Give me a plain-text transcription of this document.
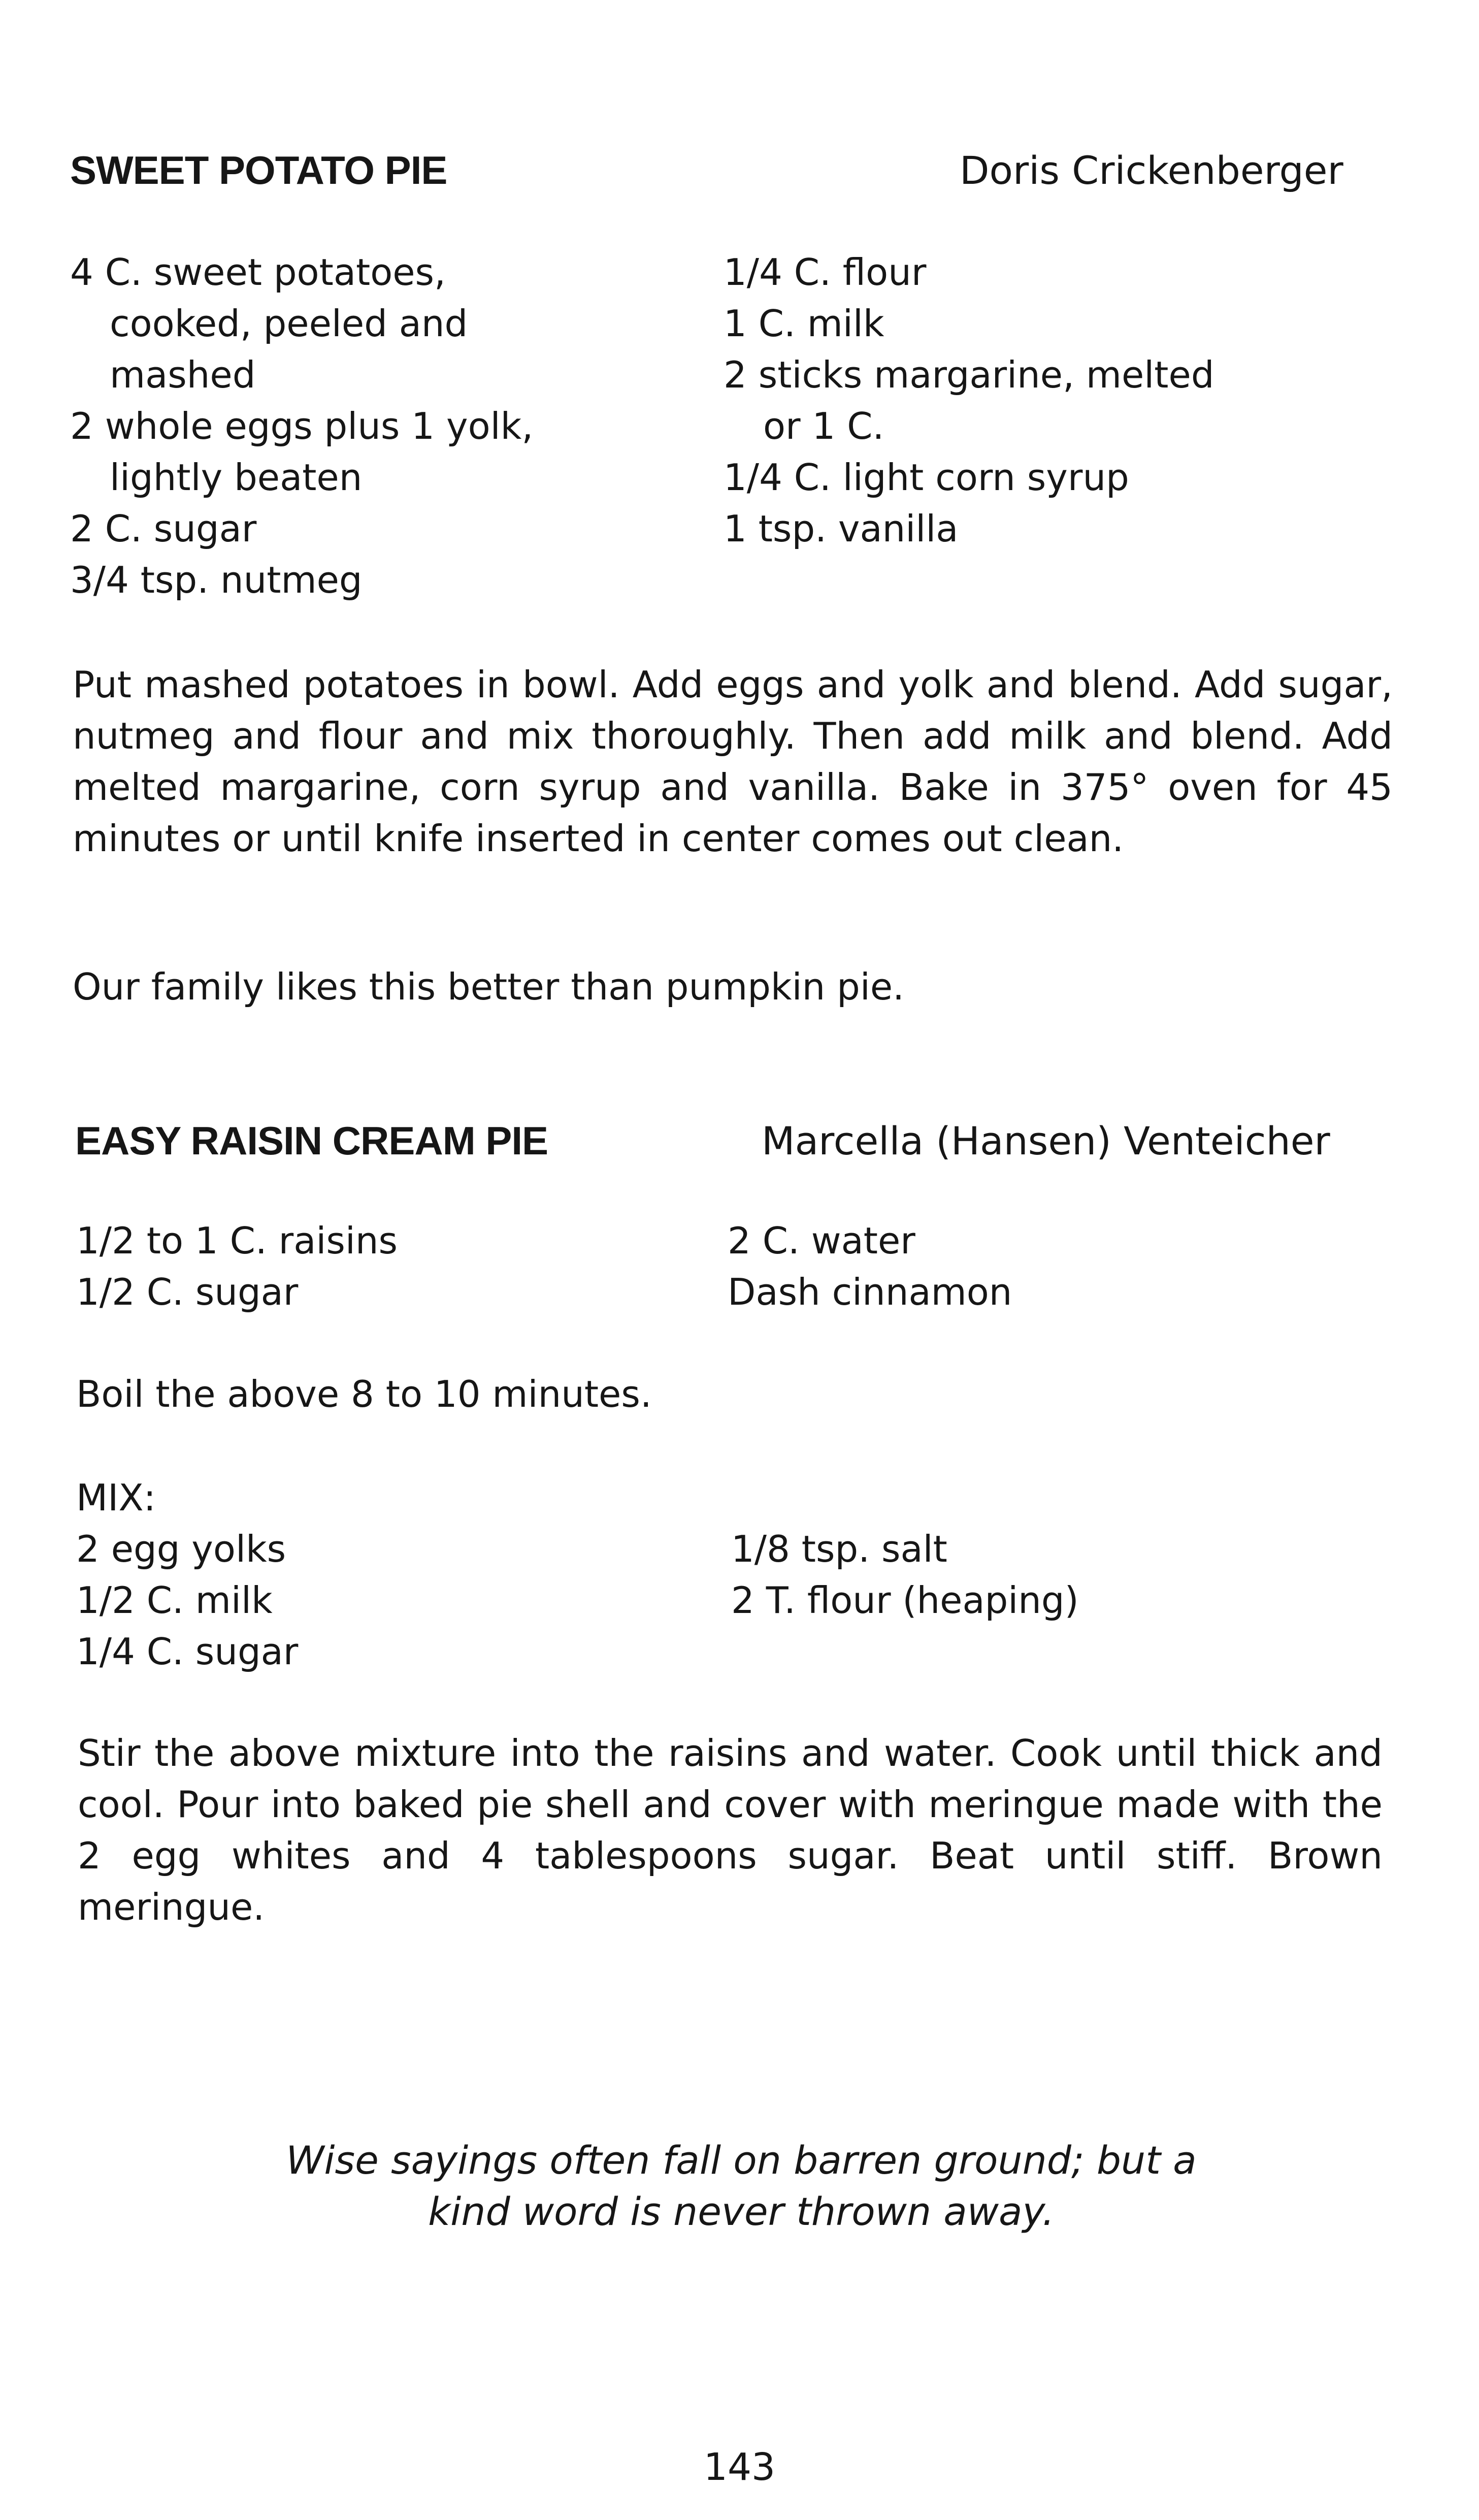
SWEET POTATO PIE	Doris Crickenberger
4 C. sweet potatoes,
cooked, peeled and
mashed
2 whole eggs plus 1 yolk,
lightly beaten
2 C. sugar
3/4 tsp. nutmeg
1/4 C. flour
1 C. milk
2 sticks margarine, melted
or 1 C.
1/4 C. light corn syrup
1 tsp. vanilla

Put mashed potatoes in bowl. Add eggs and yolk and blend. Add sugar, nutmeg and flour and mix thoroughly. Then add milk and blend. Add melted margarine, corn syrup and vanilla. Bake in 375° oven for 45 minutes or until knife inserted in center comes out clean.

Our family likes this better than pumpkin pie.

EASY RAISIN CREAM PIE	Marcella (Hansen) Venteicher
1/2 to 1 C. raisins
1/2 C. sugar
2 C. water
Dash cinnamon
Boil the above 8 to 10 minutes.
MIX:
2 egg yolks
1/2 C. milk
1/4 C. sugar
1/8 tsp. salt
2 T. flour (heaping)

Stir the above mixture into the raisins and water. Cook until thick and cool. Pour into baked pie shell and cover with meringue made with the 2 egg whites and 4 tablespoons sugar. Beat until stiff. Brown meringue.

Wise sayings often fall on barren ground; but a

kind word is never thrown away.

143
